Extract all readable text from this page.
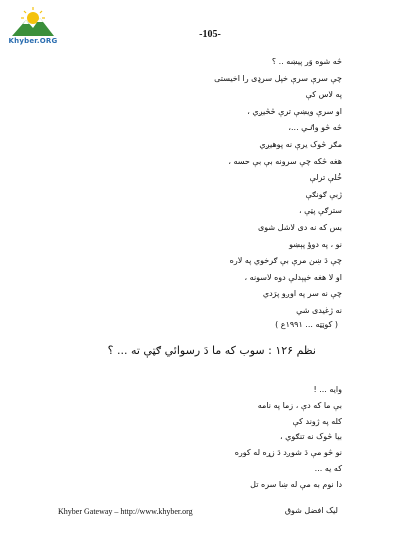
Khyber.ORG
-105-
څه شوه وَر پیښه .. ؟
چې سرې سرې خپل سرډی را اخیستی
په لاس کې
او سرې ویښې ترې څڅیږي ،
څه څو واٸي ...،
مګر څوک یرې نه پوهیږي
هغه څکه چې سرونه بې بې حسه ،
خُلې ترلې
ژبې ګونګې
سترګې پټې ،
بس که نه دی لاشل شوی
نو ، په دوؤ پېښو
چې دَ ښن مرې بې ګرخوي په لاره
او لا هغه خپېدلې دوه لاسونه ،
چې نه سر په اوږو پرَدي
نه ژغیدی شي
( کوټټه ... ۱۹۹۱ع )
نظم ۱۲۶ : سوب که ما دَ رسوائي ګټې ته ... ؟
وایه ... !
بې ما که دې ، زما په نامه
کله په ژوند کې
بیا څوک نه تنګوي ،
نو څو مې دَ شوږد دَ زړه له کوره
که یه ...
دا نوم به مې له ښا سره تل
Khyber Gateway – http://www.khyber.org	لیک افضل شوق
